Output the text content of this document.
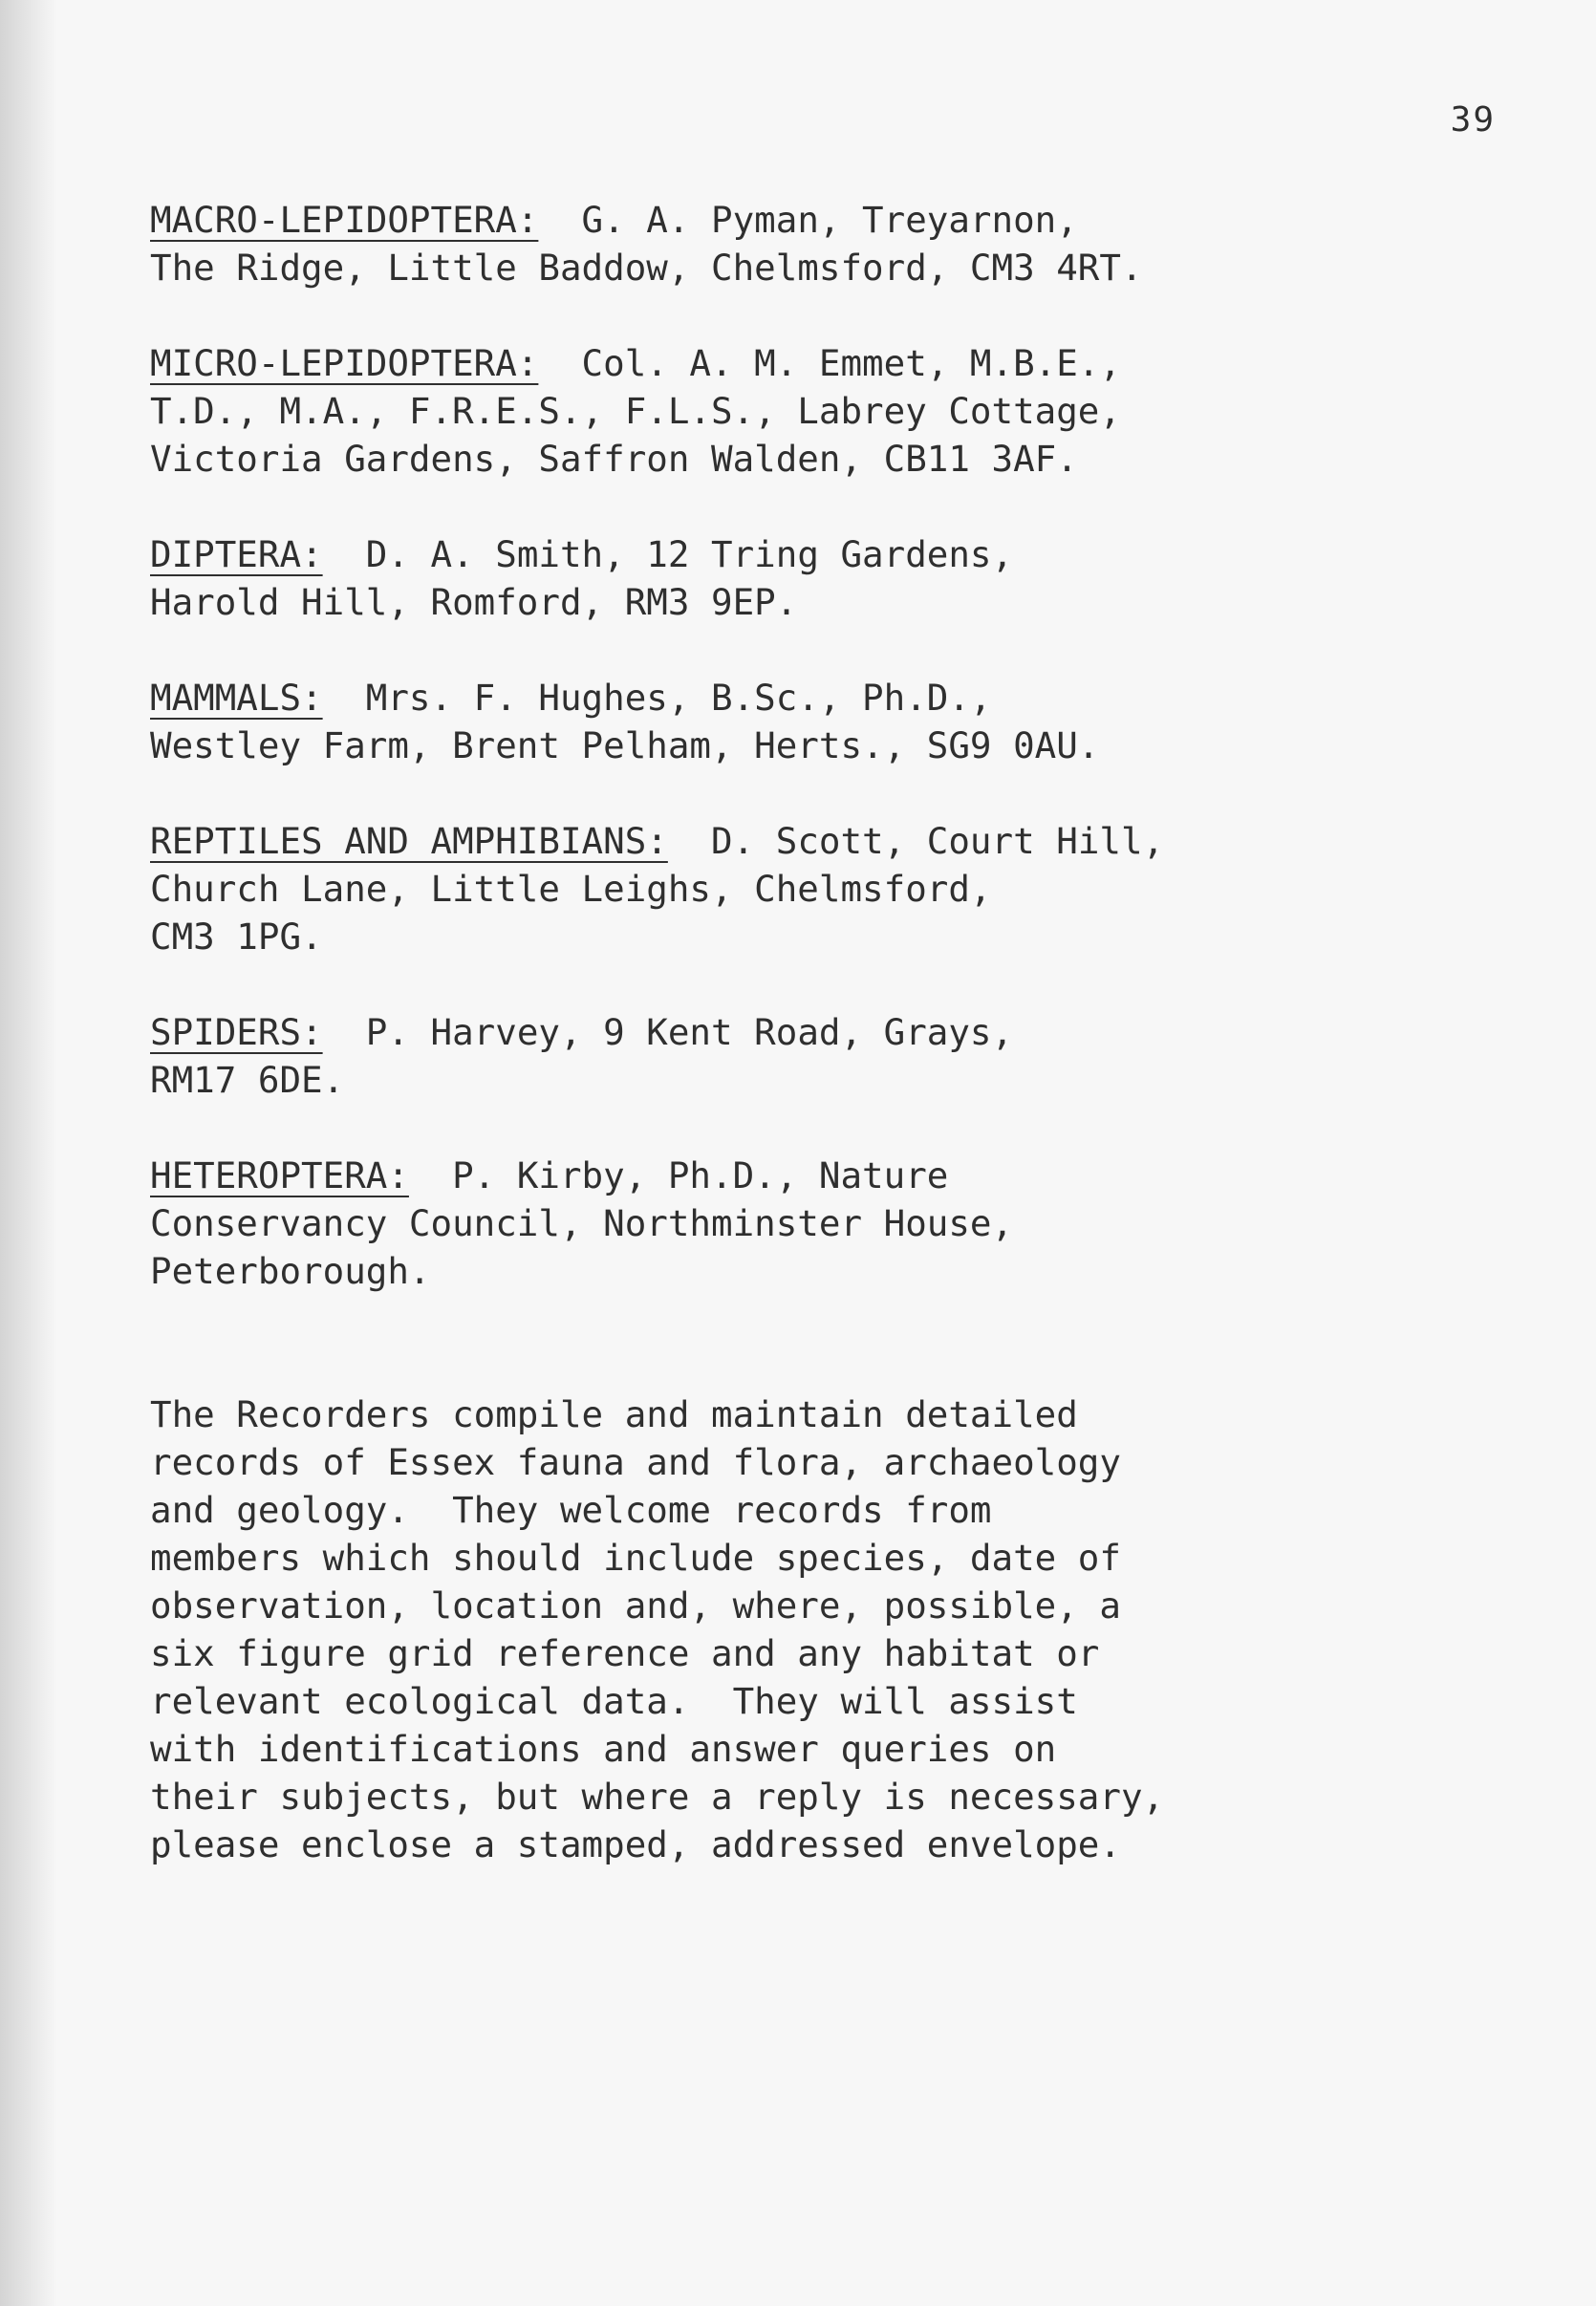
39
MACRO-LEPIDOPTERA:  G. A. Pyman, Treyarnon,
The Ridge, Little Baddow, Chelmsford, CM3 4RT.
MICRO-LEPIDOPTERA:  Col. A. M. Emmet, M.B.E.,
T.D., M.A., F.R.E.S., F.L.S., Labrey Cottage,
Victoria Gardens, Saffron Walden, CB11 3AF.
DIPTERA:  D. A. Smith, 12 Tring Gardens,
Harold Hill, Romford, RM3 9EP.
MAMMALS:  Mrs. F. Hughes, B.Sc., Ph.D.,
Westley Farm, Brent Pelham, Herts., SG9 0AU.
REPTILES AND AMPHIBIANS:  D. Scott, Court Hill,
Church Lane, Little Leighs, Chelmsford,
CM3 1PG.
SPIDERS:  P. Harvey, 9 Kent Road, Grays,
RM17 6DE.
HETEROPTERA:  P. Kirby, Ph.D., Nature
Conservancy Council, Northminster House,
Peterborough.
The Recorders compile and maintain detailed
records of Essex fauna and flora, archaeology
and geology.  They welcome records from
members which should include species, date of
observation, location and, where, possible, a
six figure grid reference and any habitat or
relevant ecological data.  They will assist
with identifications and answer queries on
their subjects, but where a reply is necessary,
please enclose a stamped, addressed envelope.
